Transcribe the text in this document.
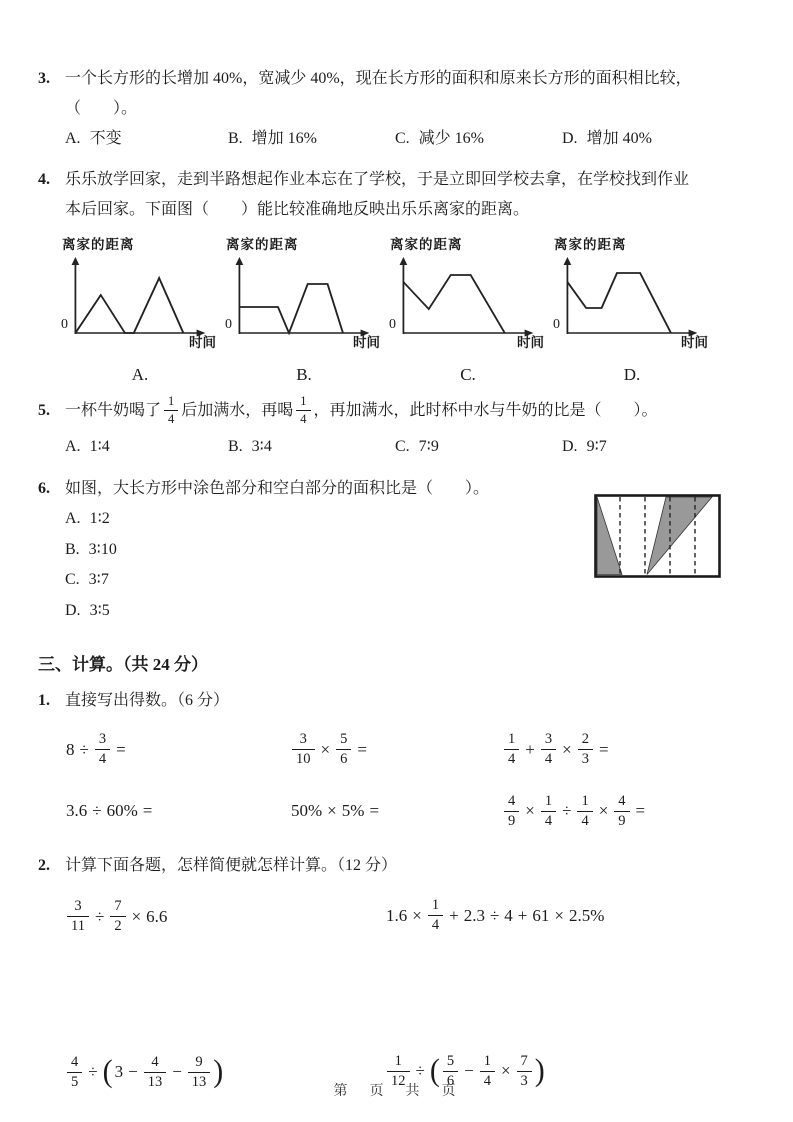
3. 一个长方形的长增加 40%，宽减少 40%，现在长方形的面积和原来长方形的面积相比较，
（　　）。
A. 不变	B. 增加 16%	C. 减少 16%	D. 增加 40%
4. 乐乐放学回家，走到半路想起作业本忘在了学校，于是立即回学校去拿，在学校找到作业
本后回家。下面图（　　）能比较准确地反映出乐乐离家的距离。
离家的距离
0
时间
A.
离家的距离
0
时间
B.
离家的距离
0
时间
C.
离家的距离
0
时间
D.
5. 一杯牛奶喝了 $\frac{1}{4}$ 后加满水，再喝 $\frac{1}{4}$ ，再加满水，此时杯中水与牛奶的比是（　　）。
A. 1∶4	B. 3∶4	C. 7∶9	D. 9∶7
6. 如图，大长方形中涂色部分和空白部分的面积比是（　　）。
A. 1∶2
B. 3∶10
C. 3∶7
D. 3∶5
三、计算。（共 24 分）
1. 直接写出得数。（6 分）
$8 \div \frac{3}{4}$ =	$\frac{3}{10} \times \frac{5}{6}$ =	$\frac{1}{4} + \frac{3}{4} \times \frac{2}{3}$ =
3.6 ÷ 60% =	50% × 5% =	$\frac{4}{9} \times \frac{1}{4} \div \frac{1}{4} \times \frac{4}{9}$ =
2. 计算下面各题，怎样简便就怎样计算。（12 分）
$\frac{3}{11} \div \frac{7}{2} \times 6.6$	$1.6 \times \frac{1}{4} + 2.3 \div 4 + 61 \times 2.5\%$
$\frac{4}{5}$ ÷ ( $3 - \frac{4}{13} - \frac{9}{13}$ )	$\frac{1}{12}$ ÷ ( $\frac{5}{6} - \frac{1}{4} \times \frac{7}{3}$ )
第　页　共　页
